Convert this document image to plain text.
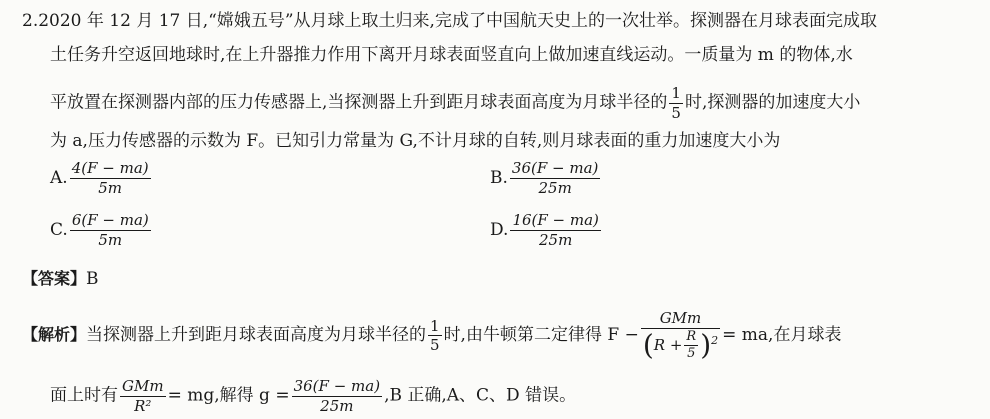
2.2020 年 12 月 17 日,“嫦娥五号”从月球上取土归来,完成了中国航天史上的一次壮举。探测器在月球表面完成取
土任务升空返回地球时,在上升器推力作用下离开月球表面竖直向上做加速直线运动。一质量为 m 的物体,水
平放置在探测器内部的压力传感器上,当探测器上升到距月球表面高度为月球半径的 $\frac{1}{5}$ 时,探测器的加速度大小
为 a,压力传感器的示数为 F。已知引力常量为 G,不计月球的自转,则月球表面的重力加速度大小为
A. $\frac{4(F - ma)}{5m}$	B. $\frac{36(F - ma)}{25m}$
C. $\frac{6(F - ma)}{5m}$	D. $\frac{16(F - ma)}{25m}$
【答案】B
【解析】当探测器上升到距月球表面高度为月球半径的 $\frac{1}{5}$ 时,由牛顿第二定律得 $F - \frac{\text{GMm}}{(R + \frac{R}{5} )^2}$ = ma,在月球表
面上时有 $\frac{\text{GMm}}{\text{R²}}$ = mg,解得 $g = \frac{36(F - ma)}{25m} ,B$ 正确,A、C、D 错误。
